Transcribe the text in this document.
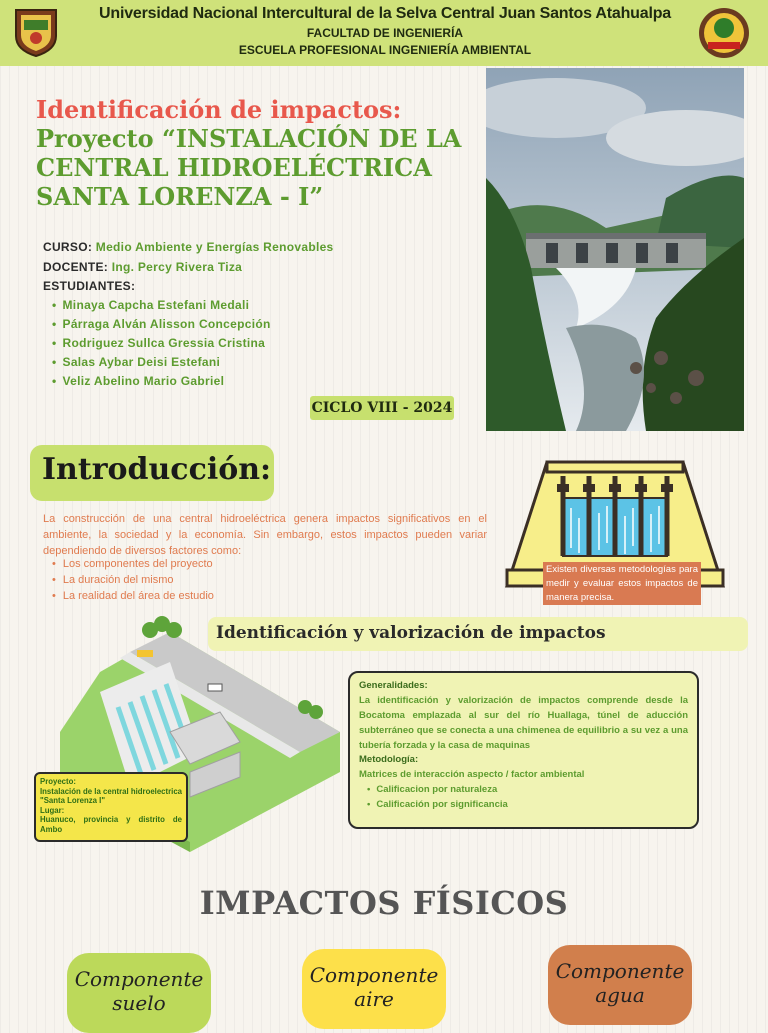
Universidad Nacional Intercultural de la Selva Central Juan Santos Atahualpa
FACULTAD DE INGENIERÍA
ESCUELA PROFESIONAL INGENIERÍA AMBIENTAL
Identificación de impactos:
Proyecto “INSTALACIÓN DE LA CENTRAL HIDROELÉCTRICA SANTA LORENZA - I”
CURSO: Medio Ambiente y Energías Renovables
DOCENTE: Ing. Percy Rivera Tiza
ESTUDIANTES:
• Minaya Capcha Estefani Medali
• Párraga Alván Alisson Concepción
• Rodriguez Sullca Gressia Cristina
• Salas Aybar Deisi Estefani
• Veliz Abelino Mario Gabriel
CICLO VIII - 2024
Introducción:
La construcción de una central hidroeléctrica genera impactos significativos en el ambiente, la sociedad y la economía. Sin embargo, estos impactos pueden variar dependiendo de diversos factores como:
• Los componentes del proyecto
• La duración del mismo
• La realidad del área de estudio
Existen diversas metodologías para medir y evaluar estos impactos de manera precisa.
Identificación y valorización de impactos
Proyecto:
Instalación de la central hidroelectrica "Santa Lorenza I"
Lugar:
Huanuco, provincia y distrito de Ambo
Generalidades:
La identificación y valorización de impactos comprende desde la Bocatoma emplazada al sur del río Huallaga, túnel de aducción subterráneo que se conecta a una chimenea de equilibrio a su vez a una tubería forzada y la casa de maquinas
Metodología:
Matrices de interacción aspecto / factor ambiental
• Calificacion por naturaleza
• Calificación por significancia
IMPACTOS FÍSICOS
Componente suelo
Componente aire
Componente agua
